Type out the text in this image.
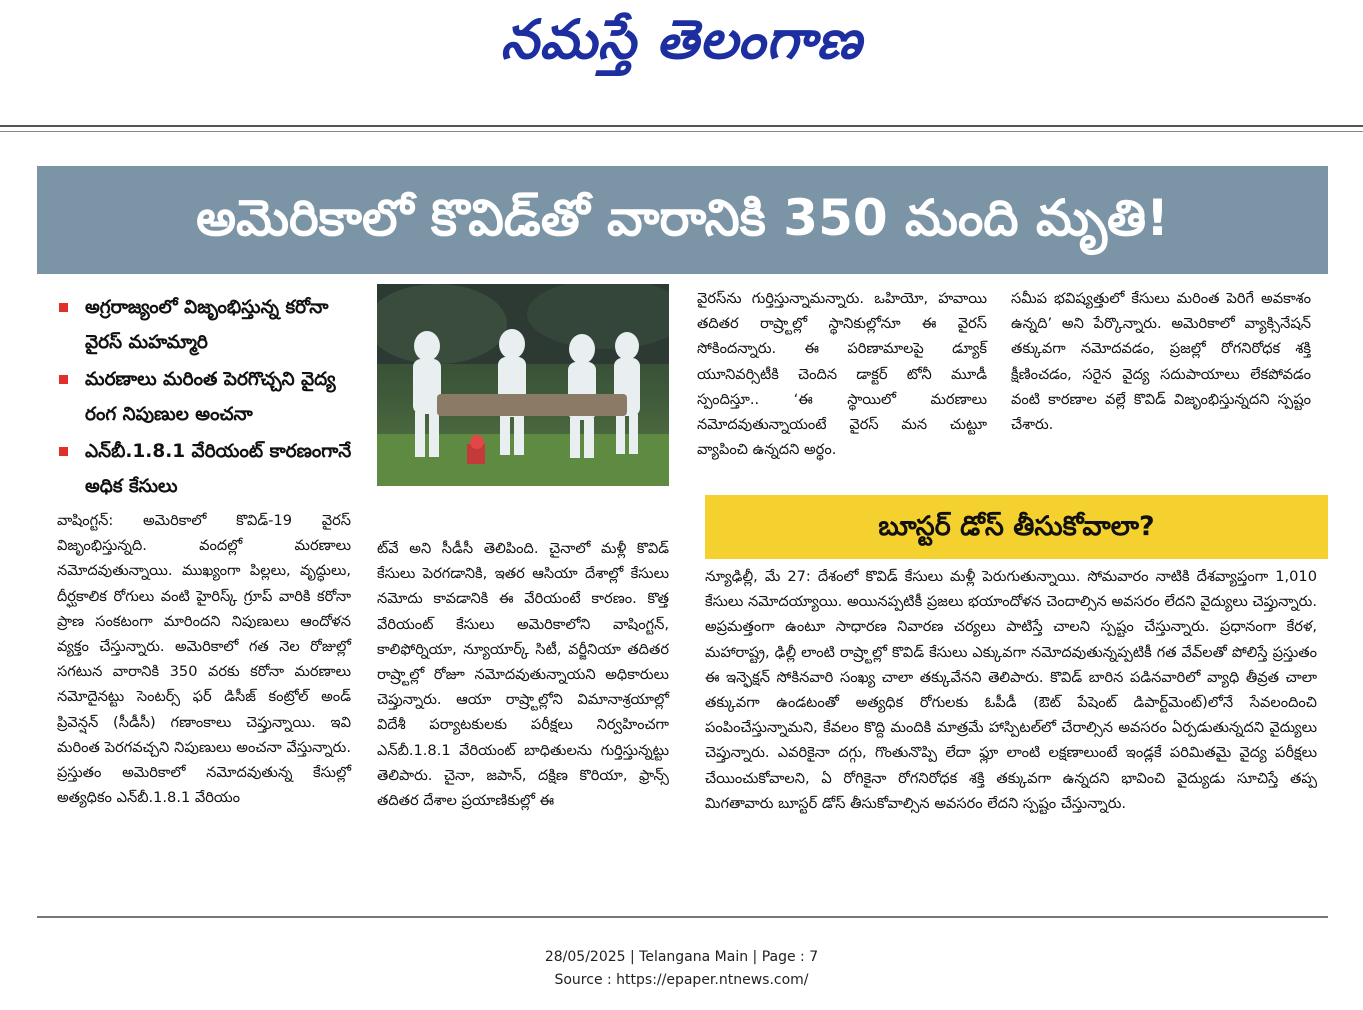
నమస్తే తెలంగాణ
అమెరికాలో కొవిడ్‌తో వారానికి 350 మంది మృతి!
అగ్రరాజ్యంలో విజృంభిస్తున్న కరోనా వైరస్‌ మహమ్మారి
మరణాలు మరింత పెరగొచ్చని వైద్య రంగ నిపుణుల అంచనా
ఎన్‌బీ.1.8.1 వేరియంట్‌ కారణంగానే అధిక కేసులు
వాషింగ్టన్‌: అమెరికాలో కొవిడ్‌-19 వైరస్‌ విజృంభిస్తున్నది. వందల్లో మరణాలు నమోదవుతున్నాయి. ముఖ్యంగా పిల్లలు, వృద్ధులు, దీర్ఘకాలిక రోగులు వంటి హైరిస్క్‌ గ్రూప్‌ వారికి కరోనా ప్రాణ సంకటంగా మారిందని నిపుణులు ఆందోళన వ్యక్తం చేస్తున్నారు. అమెరికాలో గత నెల రోజుల్లో సగటున వారానికి 350 వరకు కరోనా మరణాలు నమోదైనట్టు సెంటర్స్‌ ఫర్‌ డిసీజ్‌ కంట్రోల్‌ అండ్‌ ప్రివెన్షన్‌ (సీడీసీ) గణాంకాలు చెప్తున్నాయి. ఇవి మరింత పెరగవచ్చని నిపుణులు అంచనా వేస్తున్నారు. ప్రస్తుతం అమెరికాలో నమోదవుతున్న కేసుల్లో అత్యధికం ఎన్‌బీ.1.8.1 వేరియం
ట్‌వే అని సీడీసీ తెలిపింది. చైనాలో మళ్లీ కొవిడ్‌ కేసులు పెరగడానికి, ఇతర ఆసియా దేశాల్లో కేసులు నమోదు కావడానికి ఈ వేరియంటే కారణం. కొత్త వేరియంట్‌ కేసులు అమెరికాలోని వాషింగ్టన్‌, కాలిఫోర్నియా, న్యూయార్క్‌ సిటీ, వర్జీనియా తదితర రాష్ర్టాల్లో రోజూ నమోదవుతున్నాయని అధికారులు చెప్తున్నారు. ఆయా రాష్ర్టాల్లోని విమానాశ్రయాల్లో విదేశీ పర్యాటకులకు పరీక్షలు నిర్వహించగా ఎన్‌బీ.1.8.1 వేరియంట్‌ బాధితులను గుర్తిస్తున్నట్టు తెలిపారు. చైనా, జపాన్‌, దక్షిణ కొరియా, ఫ్రాన్స్‌ తదితర దేశాల ప్రయాణికుల్లో ఈ
వైరస్‌ను గుర్తిస్తున్నామన్నారు. ఒహియో, హవాయి తదితర రాష్ర్టాల్లో స్థానికుల్లోనూ ఈ వైరస్‌ సోకిందన్నారు. ఈ పరిణామాలపై డ్యూక్‌ యూనివర్సిటీకి చెందిన డాక్టర్‌ టోనీ మూడీ స్పందిస్తూ.. ‘ఈ స్థాయిలో మరణాలు నమోదవుతున్నాయంటే వైరస్‌ మన చుట్టూ వ్యాపించి ఉన్నదని అర్థం.
సమీప భవిష్యత్తులో కేసులు మరింత పెరిగే అవకాశం ఉన్నది’ అని పేర్కొన్నారు. అమెరికాలో వ్యాక్సినేషన్‌ తక్కువగా నమోదవడం, ప్రజల్లో రోగనిరోధక శక్తి క్షీణించడం, సరైన వైద్య సదుపాయాలు లేకపోవడం వంటి కారణాల వల్లే కొవిడ్‌ విజృంభిస్తున్నదని స్పష్టం చేశారు.
బూస్టర్‌ డోస్‌ తీసుకోవాలా?
న్యూఢిల్లీ, మే 27: దేశంలో కొవిడ్‌ కేసులు మళ్లీ పెరుగుతున్నాయి. సోమవారం నాటికి దేశవ్యాప్తంగా 1,010 కేసులు నమోదయ్యాయి. అయినప్పటికీ ప్రజలు భయాందోళన చెందాల్సిన అవసరం లేదని వైద్యులు చెప్తున్నారు. అప్రమత్తంగా ఉంటూ సాధారణ నివారణ చర్యలు పాటిస్తే చాలని స్పష్టం చేస్తున్నారు. ప్రధానంగా కేరళ, మహారాష్ట్ర, ఢిల్లీ లాంటి రాష్ర్టాల్లో కొవిడ్‌ కేసులు ఎక్కువగా నమోదవుతున్నప్పటికీ గత వేవ్‌లతో పోలిస్తే ప్రస్తుతం ఈ ఇన్ఫెక్షన్‌ సోకినవారి సంఖ్య చాలా తక్కువేనని తెలిపారు. కొవిడ్‌ బారిన పడినవారిలో వ్యాధి తీవ్రత చాలా తక్కువగా ఉండటంతో అత్యధిక రోగులకు ఓపీడీ (ఔట్‌ పేషెంట్‌ డిపార్ట్‌మెంట్‌)లోనే సేవలందించి పంపించేస్తున్నామని, కేవలం కొద్ది మందికి మాత్రమే హాస్పిటల్‌లో చేరాల్సిన అవసరం ఏర్పడుతున్నదని వైద్యులు చెప్తున్నారు. ఎవరికైనా దగ్గు, గొంతునొప్పి లేదా ఫ్లూ లాంటి లక్షణాలుంటే ఇండ్లకే పరిమితమై వైద్య పరీక్షలు చేయించుకోవాలని, ఏ రోగికైనా రోగనిరోధక శక్తి తక్కువగా ఉన్నదని భావించి వైద్యుడు సూచిస్తే తప్ప మిగతావారు బూస్టర్‌ డోస్‌ తీసుకోవాల్సిన అవసరం లేదని స్పష్టం చేస్తున్నారు.
28/05/2025 | Telangana Main | Page : 7
Source : https://epaper.ntnews.com/
